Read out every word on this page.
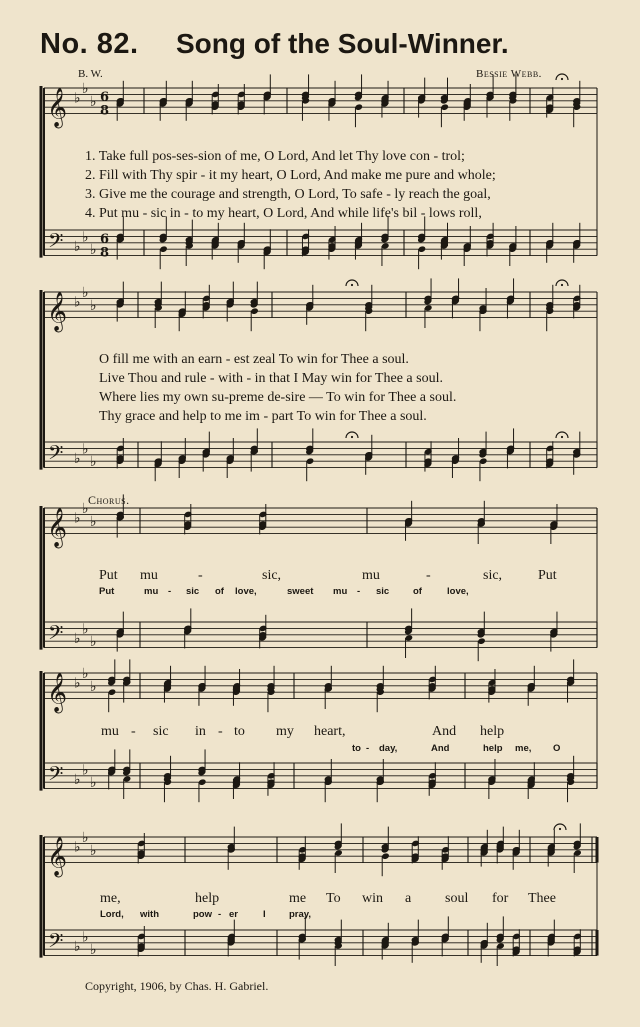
No. 82. Song of the Soul-Winner.
B. W.	Bessie Webb.
𝄞 ♭
♭
♭ 6
8
𝄢 ♭
♭
♭
6
8
𝄞 ♭
♭
♭
𝄢 ♭
♭
♭
𝄞 ♭
♭
♭
𝄢 ♭
♭
♭
𝄞 ♭
♭
♭
𝄢 ♭
♭
♭
𝄞 ♭
♭
♭
𝄢 ♭
♭
♭
1. Take full pos-ses-sion of me, O Lord, And let Thy love con - trol;
2. Fill with Thy spir - it my heart, O Lord, And make me pure and whole;
3. Give me the courage and strength, O Lord, To safe - ly reach the goal,
4. Put mu - sic in - to my heart, O Lord, And while life's bil - lows roll,
O fill me with an earn - est zeal To win for Thee a soul.
Live Thou and rule - with - in that I May win for Thee a soul.
Where lies my own su-preme de-sire — To win for Thee a soul.
Thy grace and help to me im - part To win for Thee a soul.
Chorus.
Put mu	-	sic,	mu	-	sic,	Put
Put	mu - sic of love,	sweet mu - sic	of	love,
mu - sic in - to my heart,	And help
to - day,	And	help me, O
me,	help	me To win a soul for Thee
Lord, with	pow - er	I pray,
Copyright, 1906, by Chas. H. Gabriel.
